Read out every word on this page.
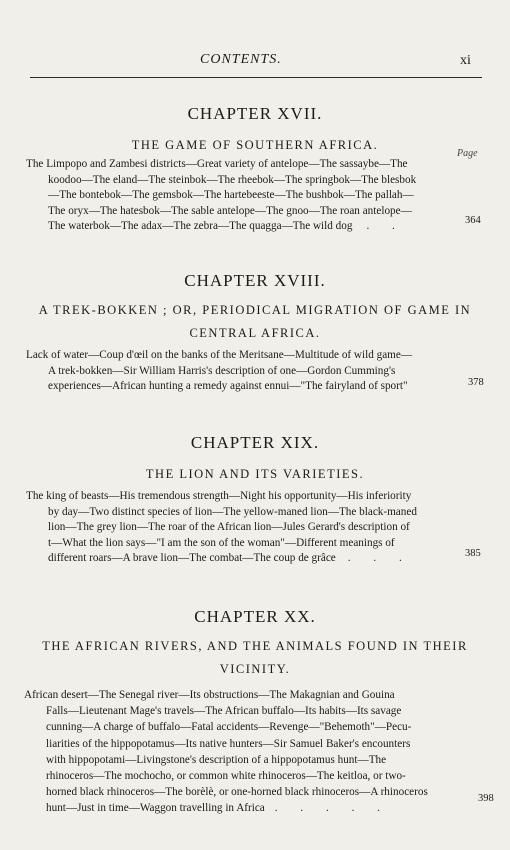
CONTENTS.	xi
CHAPTER XVII.

THE GAME OF SOUTHERN AFRICA.

Page
The Limpopo and Zambesi districts—Great variety of antelope—The sassaybe—The
koodoo—The eland—The steinbok—The rheebok—The springbok—The blesbok
—The bontebok—The gemsbok—The hartebeeste—The bushbok—The pallah—
The oryx—The hatesbok—The sable antelope—The gnoo—The roan antelope—
The waterbok—The adax—The zebra—The quagga—The wild dog . .	364
CHAPTER XVIII.

A TREK-BOKKEN ; OR, PERIODICAL MIGRATION OF GAME IN

CENTRAL AFRICA.

Lack of water—Coup d'œil on the banks of the Meritsane—Multitude of wild game—
A trek-bokken—Sir William Harris's description of one—Gordon Cumming's
experiences—African hunting a remedy against ennui—"The fairyland of sport"	378
CHAPTER XIX.

THE LION AND ITS VARIETIES.

The king of beasts—His tremendous strength—Night his opportunity—His inferiority
by day—Two distinct species of lion—The yellow-maned lion—The black-maned
lion—The grey lion—The roar of the African lion—Jules Gerard's description of
t—What the lion says—"I am the son of the woman"—Different meanings of
different roars—A brave lion—The combat—The coup de grâce . . .	385
CHAPTER XX.

THE AFRICAN RIVERS, AND THE ANIMALS FOUND IN THEIR

VICINITY.

African desert—The Senegal river—Its obstructions—The Makagnian and Gouina
Falls—Lieutenant Mage's travels—The African buffalo—Its habits—Its savage
cunning—A charge of buffalo—Fatal accidents—Revenge—"Behemoth"—Pecu-
liarities of the hippopotamus—Its native hunters—Sir Samuel Baker's encounters
with hippopotami—Livingstone's description of a hippopotamus hunt—The
rhinoceros—The mochocho, or common white rhinoceros—The keitloa, or two-
horned black rhinoceros—The borèlè, or one-horned black rhinoceros—A rhinoceros
hunt—Just in time—Waggon travelling in Africa . . . . .
398
